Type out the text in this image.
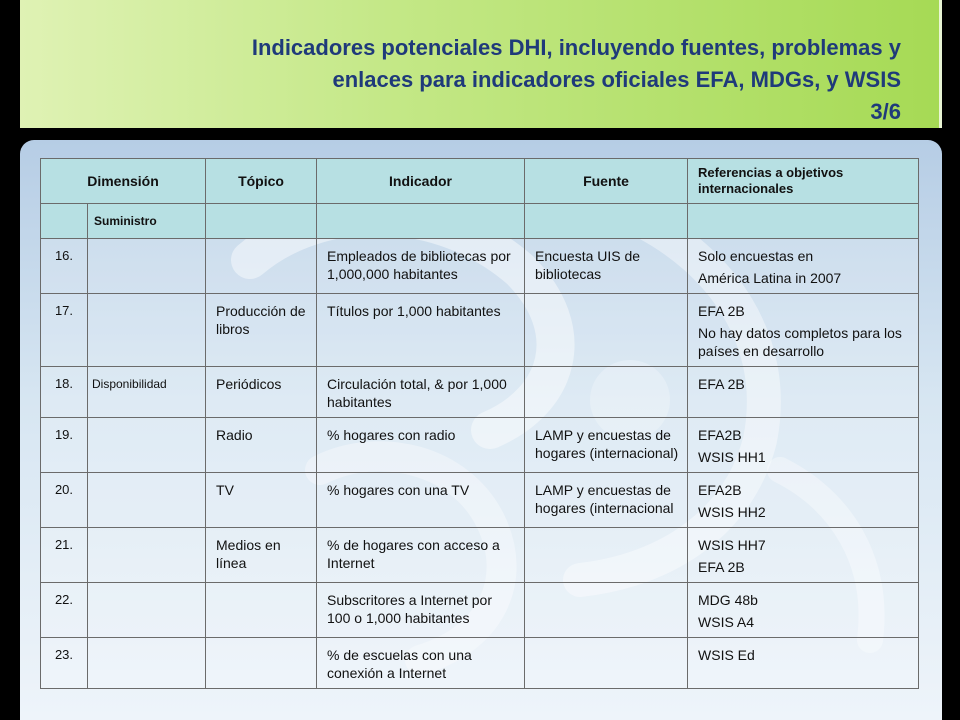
Indicadores potenciales DHI, incluyendo fuentes, problemas y
enlaces para indicadores oficiales EFA, MDGs, y WSIS
3/6
Dimensión		Tópico	Indicador	Fuente	Referencias a objetivos internacionales
	Suministro				
16.			Empleados de bibliotecas por 1,000,000 habitantes	Encuesta UIS de bibliotecas	Solo encuestas en
América Latina in 2007

17.		Producción de libros	Títulos por 1,000 habitantes		EFA 2B
No hay datos completos para los países en desarrollo

18.	Disponibilidad	Periódicos	Circulación total, & por 1,000 habitantes		EFA 2B

19.		Radio	% hogares con radio	LAMP y encuestas de hogares (internacional)	EFA2B
WSIS HH1

20.		TV	% hogares con una TV	LAMP y encuestas de hogares (internacional	EFA2B
WSIS HH2

21.		Medios en línea	% de hogares con acceso a Internet		WSIS HH7
EFA 2B

22.			Subscritores a Internet por 100 o 1,000 habitantes		MDG 48b
WSIS A4

23.			% de escuelas con una conexión a Internet		WSIS Ed
